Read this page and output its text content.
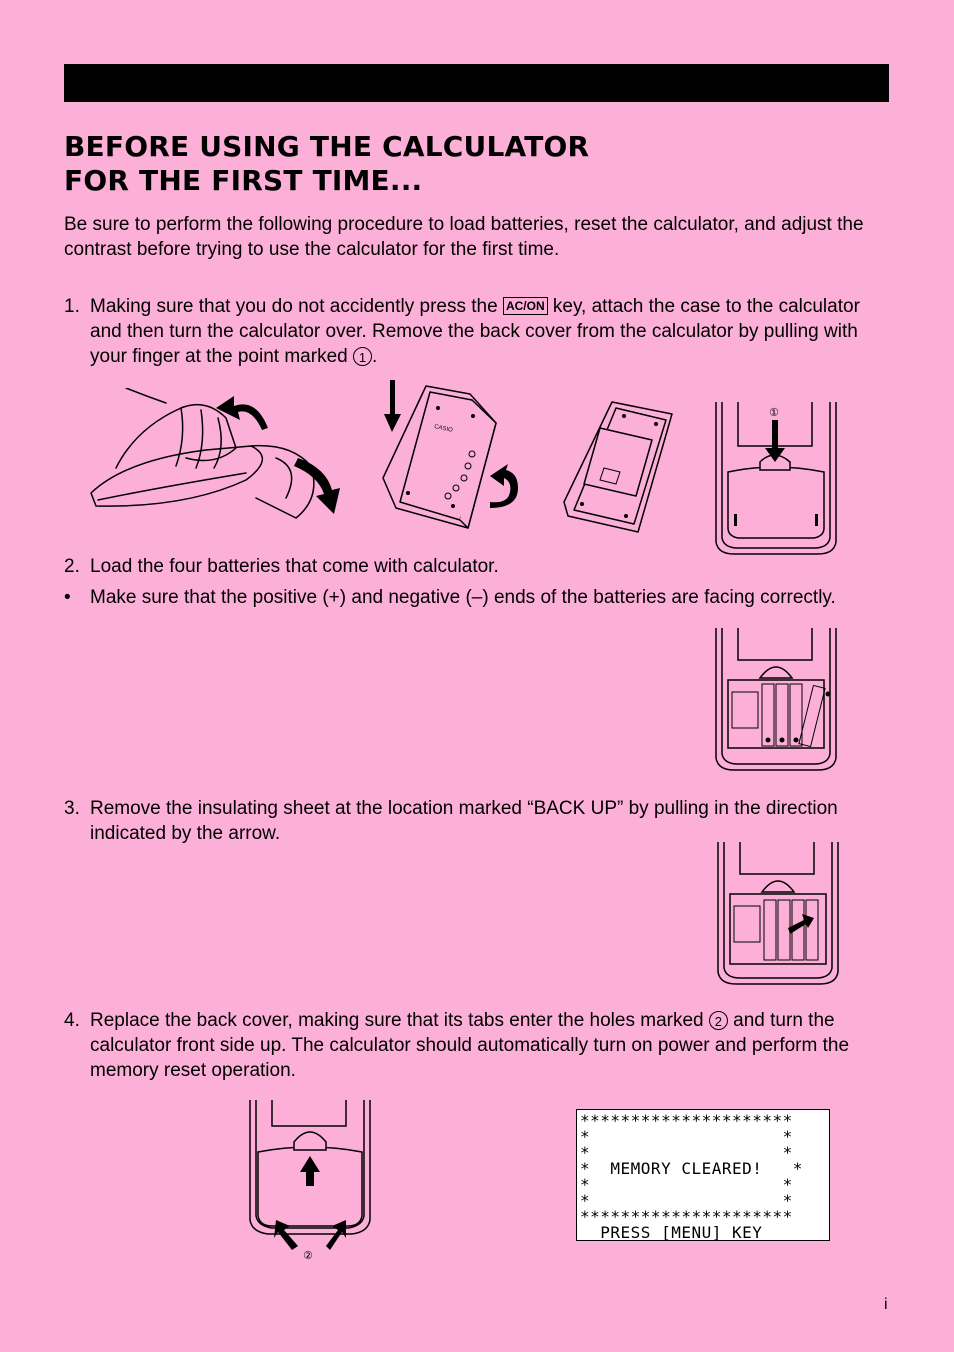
BEFORE USING THE CALCULATOR
FOR THE FIRST TIME...
Be sure to perform the following procedure to load batteries, reset the calculator, and adjust the contrast before trying to use the calculator for the first time.
1. Making sure that you do not accidently press the AC/ON key, attach the case to the calculator and then turn the calculator over. Remove the back cover from the calculator by pulling with your finger at the point marked 1 .
CASIO
①
2. Load the four batteries that come with calculator.
• Make sure that the positive (+) and negative (–) ends of the batteries are facing correctly.
3. Remove the insulating sheet at the location marked “BACK UP” by pulling in the direction indicated by the arrow.
4. Replace the back cover, making sure that its tabs enter the holes marked 2 and turn the calculator front side up. The calculator should automatically turn on power and perform the memory reset operation.
②
*********************
*                   *
*                   *
*  MEMORY CLEARED!   *
*                   *
*                   *
*********************
PRESS [MENU] KEY
i
